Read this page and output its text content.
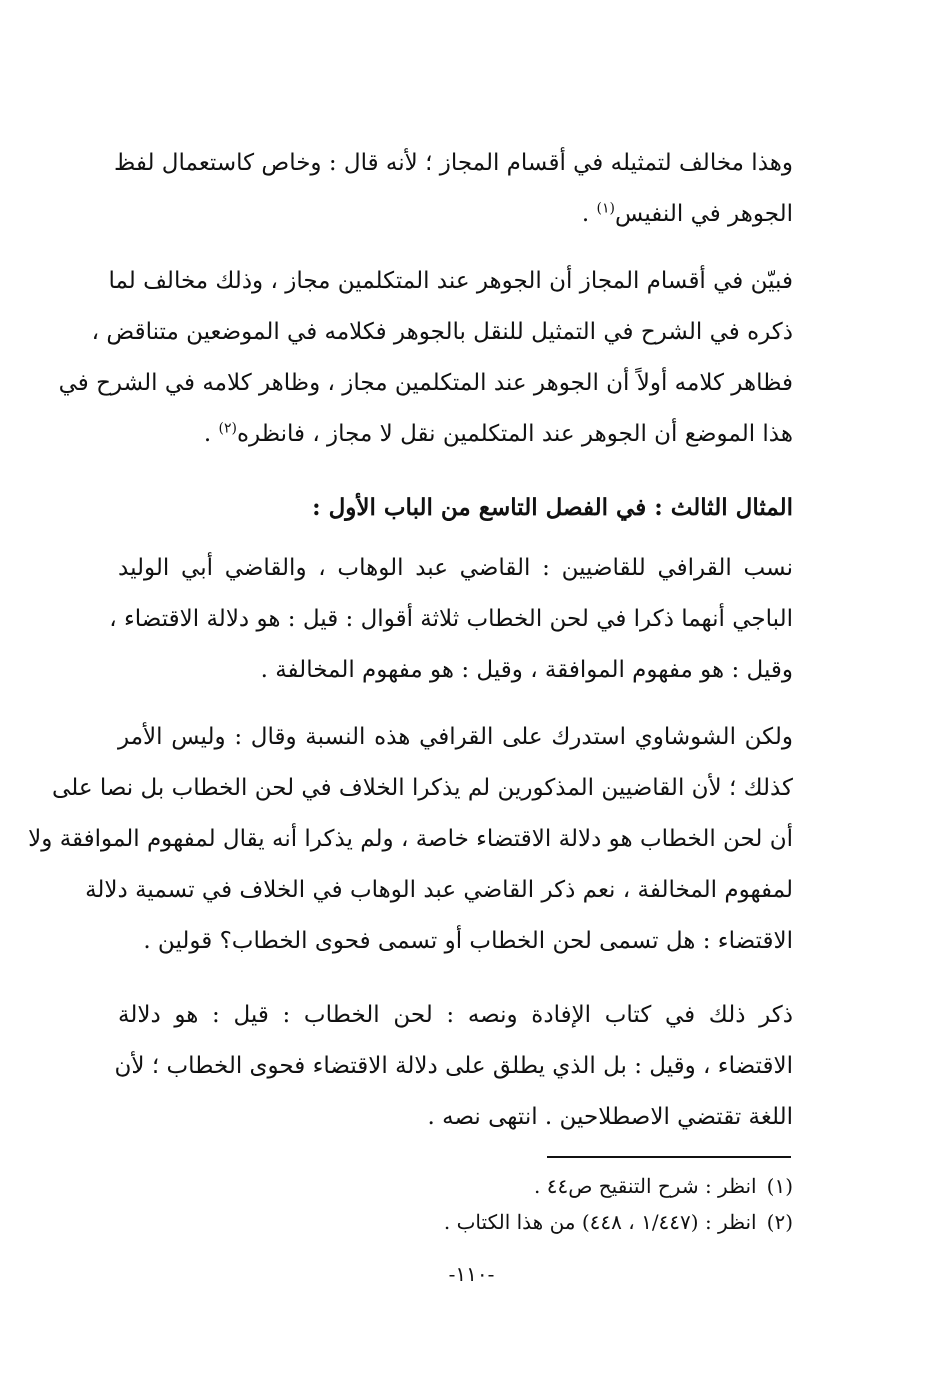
وهذا مخالف لتمثيله في أقسام المجاز ؛ لأنه قال : وخاص كاستعمال لفظ
الجوهر في النفيس$^{(١)}$ .

فبيّن في أقسام المجاز أن الجوهر عند المتكلمين مجاز ، وذلك مخالف لما
ذكره في الشرح في التمثيل للنقل بالجوهر فكلامه في الموضعين متناقض ،
فظاهر كلامه أولاً أن الجوهر عند المتكلمين مجاز ، وظاهر كلامه في الشرح في
هذا الموضع أن الجوهر عند المتكلمين نقل لا مجاز ، فانظره$^{(٢)}$ .

المثال الثالث : في الفصل التاسع من الباب الأول :

نسب القرافي للقاضيين : القاضي عبد الوهاب ، والقاضي أبي الوليد
الباجي أنهما ذكرا في لحن الخطاب ثلاثة أقوال : قيل : هو دلالة الاقتضاء ،
وقيل : هو مفهوم الموافقة ، وقيل : هو مفهوم المخالفة .

ولكن الشوشاوي استدرك على القرافي هذه النسبة وقال : وليس الأمر
كذلك ؛ لأن القاضيين المذكورين لم يذكرا الخلاف في لحن الخطاب بل نصا على
أن لحن الخطاب هو دلالة الاقتضاء خاصة ، ولم يذكرا أنه يقال لمفهوم الموافقة ولا
لمفهوم المخالفة ، نعم ذكر القاضي عبد الوهاب في الخلاف في تسمية دلالة
الاقتضاء : هل تسمى لحن الخطاب أو تسمى فحوى الخطاب؟ قولين .

ذكر ذلك في كتاب الإفادة ونصه : لحن الخطاب : قيل : هو دلالة
الاقتضاء ، وقيل : بل الذي يطلق على دلالة الاقتضاء فحوى الخطاب ؛ لأن
اللغة تقتضي الاصطلاحين . انتهى نصه .

(١)انظر : شرح التنقيح ص٤٤ .
(٢)انظر : (١/٤٤٧ ، ٤٤٨) من هذا الكتاب .
-١١٠-
